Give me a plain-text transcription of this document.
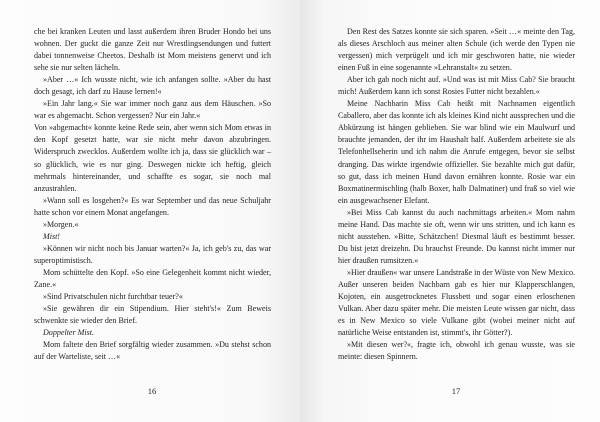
che bei kranken Leuten und lasst außerdem ihren Bruder Hondo bei uns wohnen. Der guckt die ganze Zeit nur Wrestlingsendungen und futtert dabei tonnenweise Cheetos. Deshalb ist Mom meistens genervt und ich sehe sie nur selten lächeln.

»Aber …« Ich wusste nicht, wie ich anfangen sollte. »Aber du hast doch gesagt, ich darf zu Hause lernen!«

»Ein Jahr lang.« Sie war immer noch ganz aus dem Häuschen. »So war es abgemacht. Schon vergessen? Nur ein Jahr.«

Von »abgemacht« konnte keine Rede sein, aber wenn sich Mom etwas in den Kopf gesetzt hatte, war sie nicht mehr davon abzubringen. Widerspruch zwecklos. Außerdem wollte ich ja, dass sie glücklich war – so glücklich, wie es nur ging. Deswegen nickte ich heftig, gleich mehrmals hintereinander, und schaffte es sogar, sie noch mal anzustrahlen.

»Wann soll es losgehen?« Es war September und das neue Schuljahr hatte schon vor einem Monat angefangen.

»Morgen.«

Mist!

»Können wir nicht noch bis Januar warten?« Ja, ich geb's zu, das war superoptimistisch.

Mom schüttelte den Kopf. »So eine Gelegenheit kommt nicht wieder, Zane.«

»Sind Privatschulen nicht furchtbar teuer?«

»Sie gewähren dir ein Stipendium. Hier steht's!« Zum Beweis schwenkte sie wieder den Brief.

Doppelter Mist.

Mom faltete den Brief sorgfältig wieder zusammen. »Du stehst schon auf der Warteliste, seit …«

16

Den Rest des Satzes konnte sie sich sparen. »Seit …« meinte den Tag, als dieses Arschloch aus meiner alten Schule (ich werde den Typen nie vergessen) mich verprügelt und ich mir geschworen hatte, nie wieder einen Fuß in eine sogenannte »Lehranstalt« zu setzen.

Aber ich gab noch nicht auf. »Und was ist mit Miss Cab? Sie braucht mich! Außerdem kann ich sonst Rosies Futter nicht bezahlen.«

Meine Nachbarin Miss Cab heißt mit Nachnamen eigentlich Caballero, aber das konnte ich als kleines Kind nicht aussprechen und die Abkürzung ist hängen geblieben. Sie war blind wie ein Maulwurf und brauchte jemanden, der ihr im Haushalt half. Außerdem arbeitete sie als Telefonhellseherin und ich nahm die Anrufe entgegen, bevor sie selbst dranging. Das wirkte irgendwie offizieller. Sie bezahlte mich gut dafür, so gut, dass ich meinen Hund davon ernähren konnte. Rosie war ein Boxmatinermischling (halb Boxer, halb Dalmatiner) und fraß so viel wie ein ausgewachsener Elefant.

»Bei Miss Cab kannst du auch nachmittags arbeiten.« Mom nahm meine Hand. Das machte sie oft, wenn wir uns stritten, und ich kann es nicht ausstehen. »Bitte, Schätzchen! Diesmal läuft es bestimmt besser. Du bist jetzt dreizehn. Du brauchst Freunde. Du kannst nicht immer nur hier draußen rumsitzen.«

»Hier draußen« war unsere Landstraße in der Wüste von New Mexico. Außer unseren beiden Nachbarn gab es hier nur Klapperschlangen, Kojoten, ein ausgetrocknetes Flussbett und sogar einen erloschenen Vulkan. Aber dazu später mehr. Die meisten Leute wissen gar nicht, dass es in New Mexico so viele Vulkane gibt (wobei meiner nicht auf natürliche Weise entstanden ist, stimmt's, ihr Götter?).

»Mit diesen wer?«, fragte ich, obwohl ich genau wusste, was sie meinte: diesen Spinnern.

17
